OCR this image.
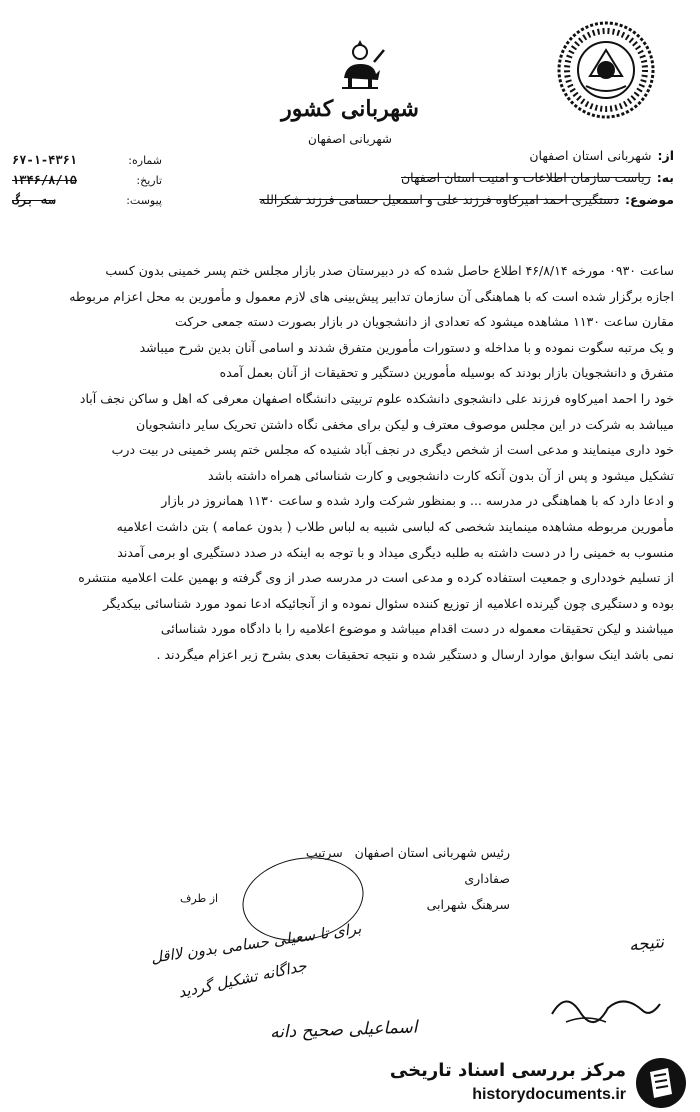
شهربانی کشور
شهربانی اصفهان
شماره:
۶۷-۱-۴۳۶۱
تاریخ:
۱۳۴۶/۸/۱۵
پیوست:
سه برگ
از:
شهربانی استان اصفهان
به:
ریاست سازمان اطلاعات و امنیت استان اصفهان
موضوع:
دستگیری احمد امیرکاوه فرزند علی و اسمعیل حسامی فرزند شکرالله

ساعت ۰۹۳۰ مورخه ۴۶/۸/۱۴ اطلاع حاصل شده که در دبیرستان صدر بازار مجلس ختم پسر خمینی بدون کسب

اجازه برگزار شده است که با هماهنگی آن سازمان تدابیر پیش‌بینی های لازم معمول و مأمورین به محل اعزام مربوطه

مقارن ساعت ۱۱۳۰ مشاهده میشود که تعدادی از دانشجویان در بازار بصورت دسته جمعی حرکت

و یک مرتبه سگوت نموده و با مداخله و دستورات مأمورین متفرق شدند و اسامی آنان بدین شرح میباشد

متفرق و دانشجویان بازار بودند که بوسیله مأمورین دستگیر و تحقیقات از آنان بعمل آمده

خود را احمد امیرکاوه فرزند علی دانشجوی دانشکده علوم تربیتی دانشگاه اصفهان معرفی که اهل و ساکن نجف آباد

میباشد به شرکت در این مجلس موصوف معترف و لیکن برای مخفی نگاه داشتن تحریک سایر دانشجویان

خود داری مینمایند و مدعی است از شخص دیگری در نجف آباد شنیده که مجلس ختم پسر خمینی در بیت درب

تشکیل میشود و پس از آن بدون آنکه کارت دانشجویی و کارت شناسائی همراه داشته باشد

و ادعا دارد که با هماهنگی در مدرسه ... و بمنظور شرکت وارد شده و ساعت ۱۱۳۰ همانروز در بازار

مأمورین مربوطه مشاهده مینمایند شخصی که لباسی شبیه به لباس طلاب ( بدون عمامه ) بتن داشت اعلامیه

منسوب به خمینی را در دست داشته به طلبه دیگری میداد و با توجه به اینکه در صدد دستگیری او برمی آمدند

از تسلیم خودداری و جمعیت استفاده کرده و مدعی است در مدرسه صدر از وی گرفته و بهمین علت اعلامیه منتشره

بوده و دستگیری چون گیرنده اعلامیه از توزیع کننده سئوال نموده و از آنجائیکه ادعا نمود مورد شناسائی بیکدیگر

میباشند و لیکن تحقیقات معموله در دست اقدام میباشد و موضوع اعلامیه را با دادگاه مورد شناسائی

نمی باشد اینک سوابق موارد ارسال و دستگیر شده و نتیجه تحقیقات بعدی بشرح زیر اعزام میگردند .

رئیس شهربانی استان اصفهان   سرتیپ صفاداری
سرهنگ شهرابی
از طرف
برای تا سعیلی حسامی بدون لااقل
جداگانه تشکیل گردید
اسماعیلی صحیح دانه
نتیجه
مرکز بررسی اسناد تاریخی
historydocuments.ir
